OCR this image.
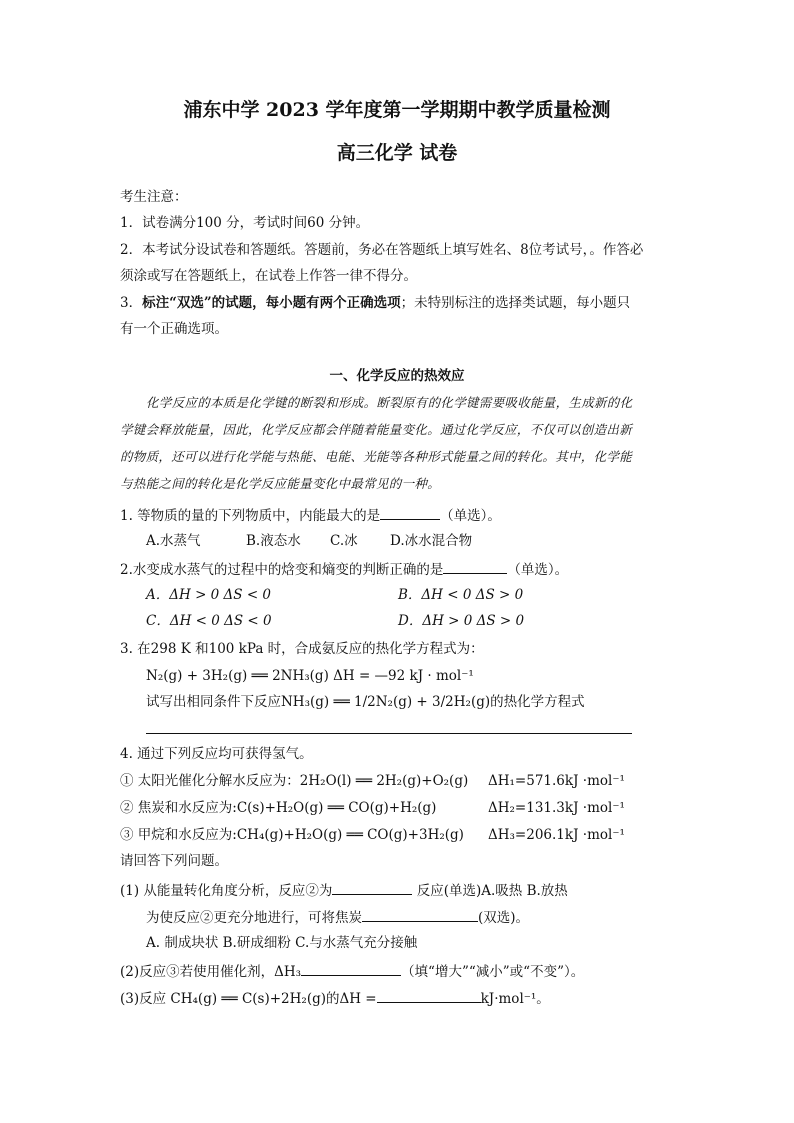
浦东中学 2023 学年度第一学期期中教学质量检测
高三化学 试卷
考生注意：
1．试卷满分100 分，考试时间60 分钟。
2．本考试分设试卷和答题纸。答题前，务必在答题纸上填写姓名、8位考试号，。作答必
须涂或写在答题纸上，在试卷上作答一律不得分。
3．标注“双选”的试题，每小题有两个正确选项；未特别标注的选择类试题，每小题只
有一个正确选项。
一、化学反应的热效应
化学反应的本质是化学键的断裂和形成。断裂原有的化学键需要吸收能量，生成新的化
学键会释放能量，因此，化学反应都会伴随着能量变化。通过化学反应，不仅可以创造出新
的物质，还可以进行化学能与热能、电能、光能等各种形式能量之间的转化。其中，化学能
与热能之间的转化是化学反应能量变化中最常见的一种。
1. 等物质的量的下列物质中，内能最大的是	（单选）。
A.水蒸气	B.液态水 C.冰 D.冰水混合物
2.水变成水蒸气的过程中的焓变和熵变的判断正确的是	（单选）。
A．ΔH > 0 ΔS < 0	B．ΔH < 0 ΔS > 0
C．ΔH < 0 ΔS < 0	D．ΔH > 0 ΔS > 0
3. 在298 K 和100 kPa 时，合成氨反应的热化学方程式为：
N₂(g) + 3H₂(g) ══ 2NH₃(g) ΔH = —92 kJ · mol⁻¹
试写出相同条件下反应NH₃(g) ══ 1/2N₂(g) + 3/2H₂(g)的热化学方程式
4. 通过下列反应均可获得氢气。
① 太阳光催化分解水反应为：2H₂O(l) ══ 2H₂(g)+O₂(g) ΔH₁=571.6kJ ·mol⁻¹
② 焦炭和水反应为:C(s)+H₂O(g) ══ CO(g)+H₂(g)	ΔH₂=131.3kJ ·mol⁻¹
③ 甲烷和水反应为:CH₄(g)+H₂O(g) ══ CO(g)+3H₂(g) ΔH₃=206.1kJ ·mol⁻¹
请回答下列问题。
(1) 从能量转化角度分析，反应②为	反应(单选)A.吸热 B.放热
为使反应②更充分地进行，可将焦炭	(双选)。
A. 制成块状 B.研成细粉 C.与水蒸气充分接触
(2)反应③若使用催化剂，ΔH₃	（填“增大”“减小”或“不变”）。
(3)反应 CH₄(g) ══ C(s)+2H₂(g)的ΔH =	kJ·mol⁻¹。
